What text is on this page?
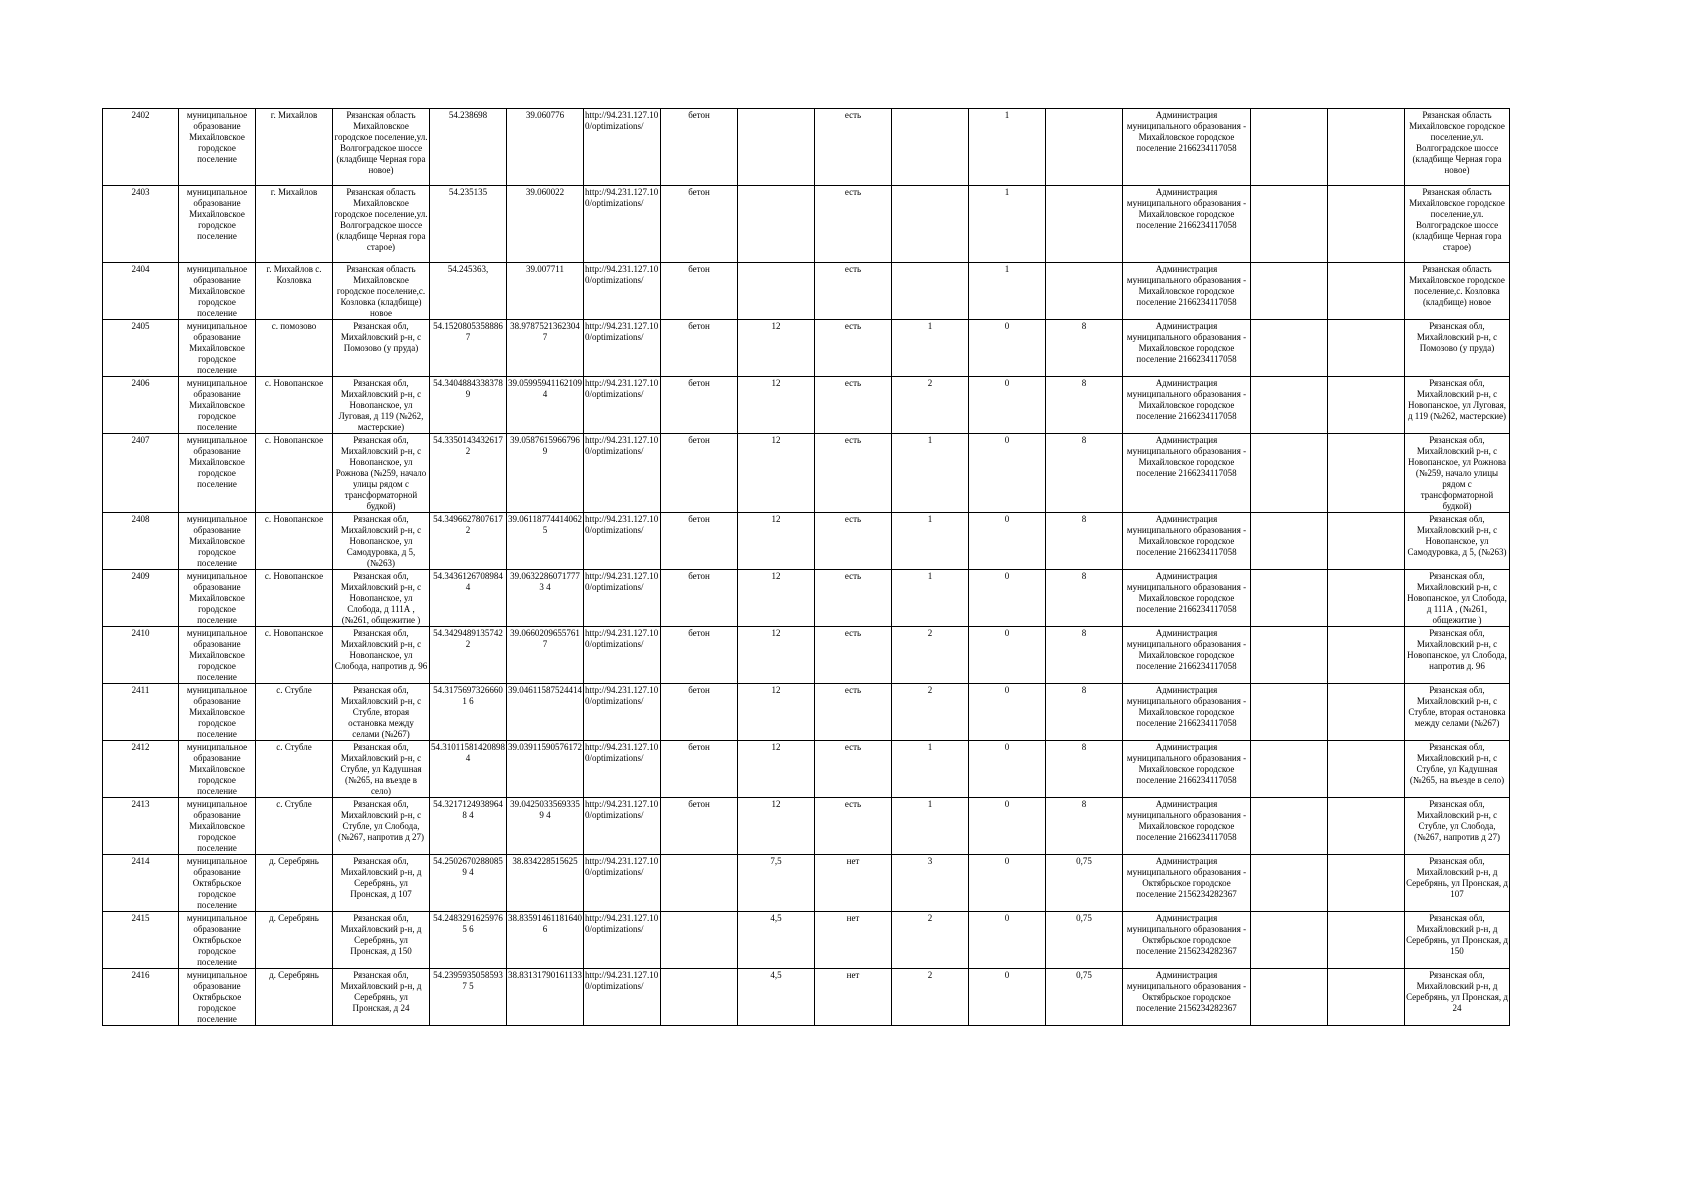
2402	муниципальное образование Михайловское городское поселение	г. Михайлов	Рязанская область Михайловское городское поселение,ул. Волгоградское шоссе (кладбище Черная гора новое)	54.238698	39.060776	http://94.231.127.10 0/optimizations/	бетон		есть		1		Администрация муниципального образования - Михайловское городское поселение 2166234117058			Рязанская область Михайловское городское поселение,ул. Волгоградское шоссе (кладбище Черная гора новое)
2403	муниципальное образование Михайловское городское поселение	г. Михайлов	Рязанская область Михайловское городское поселение,ул. Волгоградское шоссе (кладбище Черная гора старое)	54.235135	39.060022	http://94.231.127.10 0/optimizations/	бетон		есть		1		Администрация муниципального образования - Михайловское городское поселение 2166234117058			Рязанская область Михайловское городское поселение,ул. Волгоградское шоссе (кладбище Черная гора старое)
2404	муниципальное образование Михайловское городское поселение	г. Михайлов с. Козловка	Рязанская область Михайловское городское поселение,с. Козловка (кладбище) новое	54.245363,	39.007711	http://94.231.127.10 0/optimizations/	бетон		есть		1		Администрация муниципального образования - Михайловское городское поселение 2166234117058			Рязанская область Михайловское городское поселение,с. Козловка (кладбище) новое
2405	муниципальное образование Михайловское городское поселение	с. помозово	Рязанская обл, Михайловский р-н, с Помозово (у пруда)	54.15208053588867	38.97875213623047	http://94.231.127.10 0/optimizations/	бетон	12	есть	1	0	8	Администрация муниципального образования - Михайловское городское поселение 2166234117058			Рязанская обл, Михайловский р-н, с Помозово (у пруда)
2406	муниципальное образование Михайловское городское поселение	с. Новопанское	Рязанская обл, Михайловский р-н, с Новопанское, ул Луговая, д 119 (№262, мастерские)	54.34048843383789	39.05995941162109 4	http://94.231.127.10 0/optimizations/	бетон	12	есть	2	0	8	Администрация муниципального образования - Михайловское городское поселение 2166234117058			Рязанская обл, Михайловский р-н, с Новопанское, ул Луговая, д 119 (№262, мастерские)
2407	муниципальное образование Михайловское городское поселение	с. Новопанское	Рязанская обл, Михайловский р-н, с Новопанское, ул Рожнова (№259, начало улицы рядом с трансформаторной будкой)	54.33501434326172	39.05876159667969	http://94.231.127.10 0/optimizations/	бетон	12	есть	1	0	8	Администрация муниципального образования - Михайловское городское поселение 2166234117058			Рязанская обл, Михайловский р-н, с Новопанское, ул Рожнова (№259, начало улицы рядом с трансформаторной будкой)
2408	муниципальное образование Михайловское городское поселение	с. Новопанское	Рязанская обл, Михайловский р-н, с Новопанское, ул Самодуровка, д 5, (№263)	54.34966278076172	39.06118774414062 5	http://94.231.127.10 0/optimizations/	бетон	12	есть	1	0	8	Администрация муниципального образования - Михайловское городское поселение 2166234117058			Рязанская обл, Михайловский р-н, с Новопанское, ул Самодуровка, д 5, (№263)
2409	муниципальное образование Михайловское городское поселение	с. Новопанское	Рязанская обл, Михайловский р-н, с Новопанское, ул Слобода, д 111А , (№261, общежитие )	54.34361267089844	39.06322860717773 4	http://94.231.127.10 0/optimizations/	бетон	12	есть	1	0	8	Администрация муниципального образования - Михайловское городское поселение 2166234117058			Рязанская обл, Михайловский р-н, с Новопанское, ул Слобода, д 111А , (№261, общежитие )
2410	муниципальное образование Михайловское городское поселение	с. Новопанское	Рязанская обл, Михайловский р-н, с Новопанское, ул Слобода, напротив д. 96	54.34294891357422	39.06602096557617	http://94.231.127.10 0/optimizations/	бетон	12	есть	2	0	8	Администрация муниципального образования - Михайловское городское поселение 2166234117058			Рязанская обл, Михайловский р-н, с Новопанское, ул Слобода, напротив д. 96
2411	муниципальное образование Михайловское городское поселение	с. Стубле	Рязанская обл, Михайловский р-н, с Стубле, вторая остановка между селами (№267)	54.31756973266601 6	39.04611587524414	http://94.231.127.10 0/optimizations/	бетон	12	есть	2	0	8	Администрация муниципального образования - Михайловское городское поселение 2166234117058			Рязанская обл, Михайловский р-н, с Стубле, вторая остановка между селами (№267)
2412	муниципальное образование Михайловское городское поселение	с. Стубле	Рязанская обл, Михайловский р-н, с Стубле, ул Кадушная (№265, на въезде в село)	54.31011581420898 4	39.03911590576172	http://94.231.127.10 0/optimizations/	бетон	12	есть	1	0	8	Администрация муниципального образования - Михайловское городское поселение 2166234117058			Рязанская обл, Михайловский р-н, с Стубле, ул Кадушная (№265, на въезде в село)
2413	муниципальное образование Михайловское городское поселение	с. Стубле	Рязанская обл, Михайловский р-н, с Стубле, ул Слобода, (№267, напротив д 27)	54.32171249389648 4	39.04250335693359 4	http://94.231.127.10 0/optimizations/	бетон	12	есть	1	0	8	Администрация муниципального образования - Михайловское городское поселение 2166234117058			Рязанская обл, Михайловский р-н, с Стубле, ул Слобода, (№267, напротив д 27)
2414	муниципальное образование Октябрьское городское поселение	д. Серебрянь	Рязанская обл, Михайловский р-н, д Серебрянь, ул Пронская, д 107	54.25026702880859 4	38.834228515625	http://94.231.127.10 0/optimizations/		7,5	нет	3	0	0,75	Администрация муниципального образования - Октябрьское городское поселение 2156234282367			Рязанская обл, Михайловский р-н, д Серебрянь, ул Пронская, д 107
2415	муниципальное образование Октябрьское городское поселение	д. Серебрянь	Рязанская обл, Михайловский р-н, д Серебрянь, ул Пронская, д 150	54.24832916259765 6	38.83591461181640 6	http://94.231.127.10 0/optimizations/		4,5	нет	2	0	0,75	Администрация муниципального образования - Октябрьское городское поселение 2156234282367			Рязанская обл, Михайловский р-н, д Серебрянь, ул Пронская, д 150
2416	муниципальное образование Октябрьское городское поселение	д. Серебрянь	Рязанская обл, Михайловский р-н, д Серебрянь, ул Пронская, д 24	54.23959350585937 5	38.83131790161133	http://94.231.127.10 0/optimizations/		4,5	нет	2	0	0,75	Администрация муниципального образования - Октябрьское городское поселение 2156234282367			Рязанская обл, Михайловский р-н, д Серебрянь, ул Пронская, д 24
